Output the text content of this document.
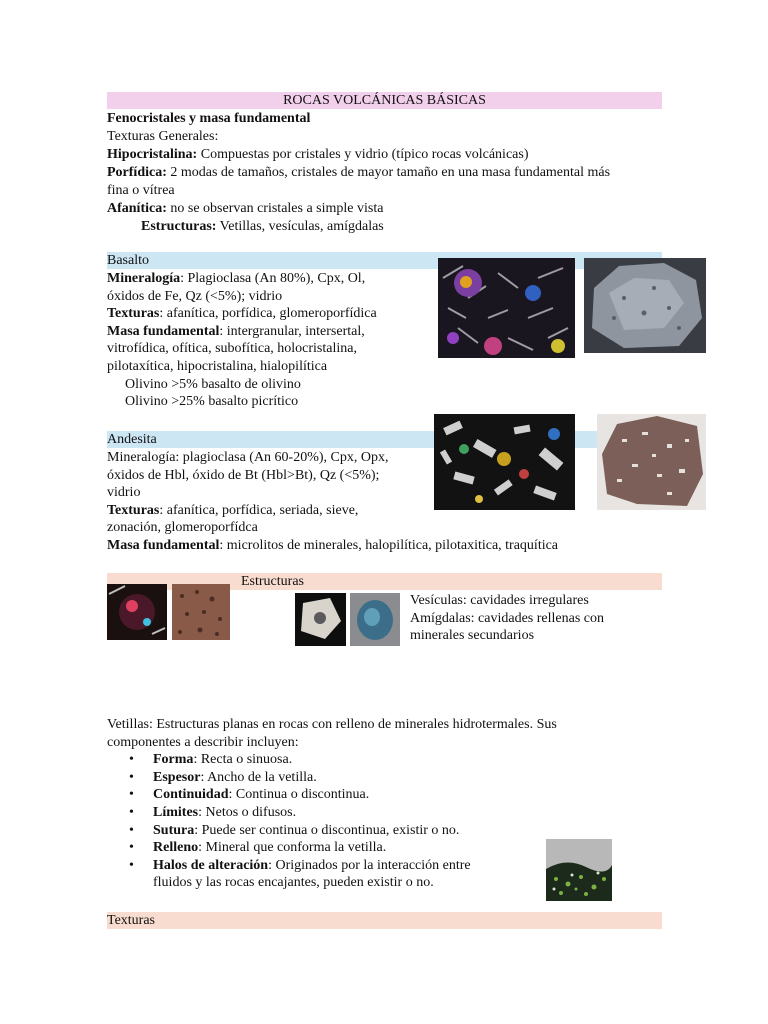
ROCAS VOLCÁNICAS BÁSICAS
Fenocristales y masa fundamental
Texturas Generales:
Hipocristalina: Compuestas por cristales y vidrio (típico rocas volcánicas)
Porfídica: 2 modas de tamaños, cristales de mayor tamaño en una masa fundamental más
fina o vítrea
Afanítica: no se observan cristales a simple vista
Estructuras: Vetillas, vesículas, amígdalas
Basalto
Mineralogía: Plagioclasa (An 80%), Cpx, Ol,
óxidos de Fe, Qz (<5%); vidrio
Texturas: afanítica, porfídica, glomeroporfídica
Masa fundamental: intergranular, intersertal,
vitrofídica, ofítica, subofítica, holocristalina,
pilotaxítica, hipocristalina, hialopilítica
Olivino >5% basalto de olivino
Olivino >25% basalto picrítico
Andesita
Mineralogía: plagioclasa (An 60-20%), Cpx, Opx,
óxidos de Hbl, óxido de Bt (Hbl>Bt), Qz (<5%);
vidrio
Texturas: afanítica, porfídica, seriada, sieve,
zonación, glomeroporfídca
Masa fundamental: microlitos de minerales, halopilítica, pilotaxitica, traquítica
Estructuras
Vesículas: cavidades irregulares
Amígdalas: cavidades rellenas con
minerales secundarios
Vetillas: Estructuras planas en rocas con relleno de minerales hidrotermales. Sus
componentes a describir incluyen:
• Forma: Recta o sinuosa.
• Espesor: Ancho de la vetilla.
• Continuidad: Continua o discontinua.
• Límites: Netos o difusos.
• Sutura: Puede ser continua o discontinua, existir o no.
• Relleno: Mineral que conforma la vetilla.
• Halos de alteración: Originados por la interacción entre
fluidos y las rocas encajantes, pueden existir o no.
Texturas
